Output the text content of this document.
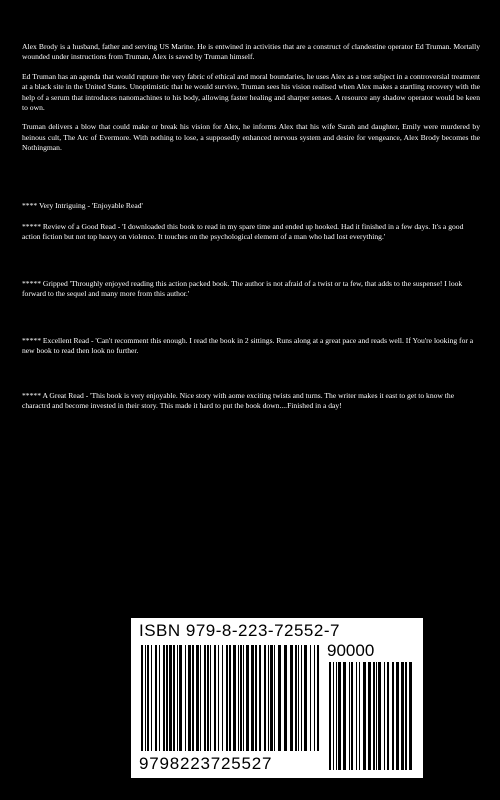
Alex Brody is a husband, father and serving US Marine. He is entwined in activities that are a construct of clandestine operator Ed Truman. Mortally wounded under instructions from Truman, Alex is saved by Truman himself.

Ed Truman has an agenda that would rupture the very fabric of ethical and moral boundaries, he uses Alex as a test subject in a controversial treatment at a black site in the United States. Unoptimistic that he would survive, Truman sees his vision realised when Alex makes a startling recovery with the help of a serum that introduces nanomachines to his body, allowing faster healing and sharper senses. A resource any shadow operator would be keen to own.

Truman delivers a blow that could make or break his vision for Alex, he informs Alex that his wife Sarah and daughter, Emily were murdered by heinous cult, The Arc of Evermore. With nothing to lose, a supposedly enhanced nervous system and desire for vengeance, Alex Brody becomes the Nothingman.

**** Very Intriguing - 'Enjoyable Read'

***** Review of a Good Read - 'I downloaded this book to read in my spare time and ended up hooked. Had it finished in a few days. It's a good action fiction but not top heavy on violence. It touches on the psychological element of a man who had lost everything.'

***** Gripped 'Throughly enjoyed reading this action packed book. The author is not afraid of a twist or ta few, that adds to the suspense! I look forward to the sequel and many more from this author.'

***** Excellent Read - 'Can't recomment this enough. I read the book in 2 sittings. Runs along at a great pace and reads well. If You're looking for a new book to read then look no further.

***** A Great Read - 'This book is very enjoyable. Nice story with aome exciting twists and turns. The writer makes it east to get to know the charactrd and become invested in their story. This made it hard to put the book down....Finished in a day!

ISBN 979-8-223-72552-7
90000
9798223725527
